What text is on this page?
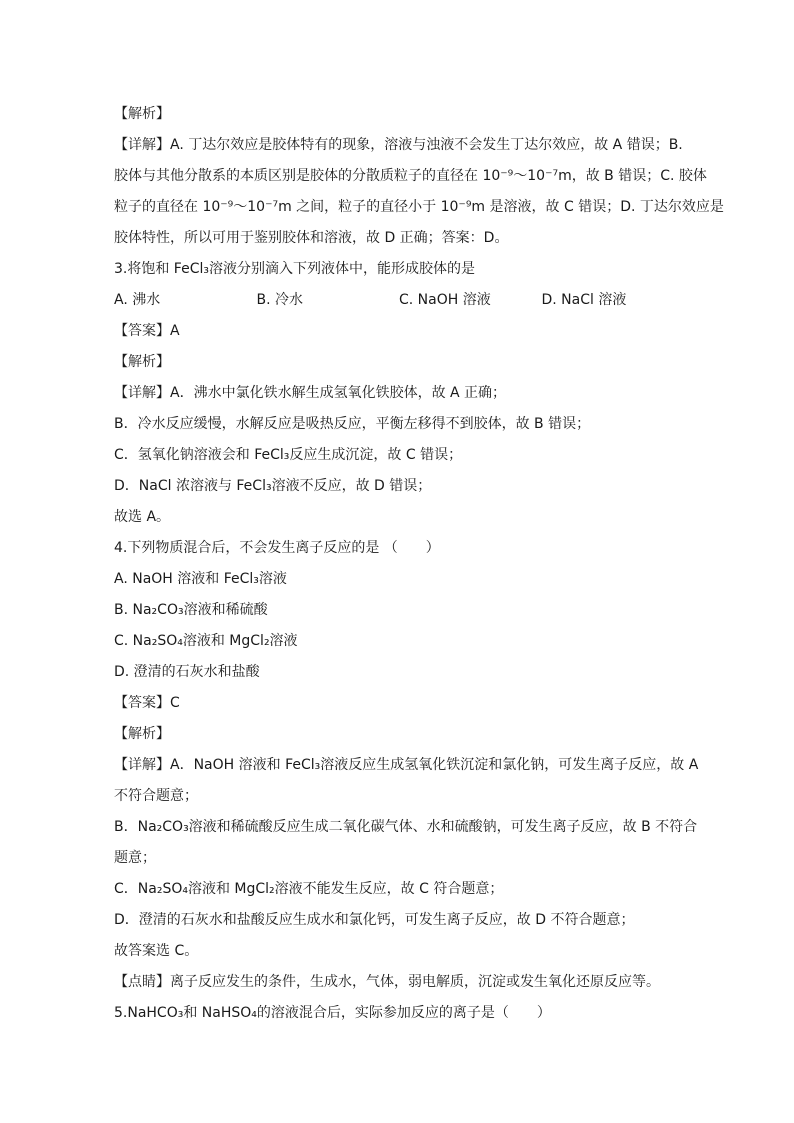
【解析】
【详解】A. 丁达尔效应是胶体特有的现象，溶液与浊液不会发生丁达尔效应，故 A 错误；B.
胶体与其他分散系的本质区别是胶体的分散质粒子的直径在 10⁻⁹～10⁻⁷m，故 B 错误；C. 胶体
粒子的直径在 10⁻⁹～10⁻⁷m 之间，粒子的直径小于 10⁻⁹m 是溶液，故 C 错误；D. 丁达尔效应是
胶体特性，所以可用于鉴别胶体和溶液，故 D 正确；答案：D。
3.将饱和 FeCl₃溶液分别滴入下列液体中，能形成胶体的是
A. 沸水	B. 冷水	C. NaOH 溶液	D. NaCl 溶液
【答案】A
【解析】
【详解】A．沸水中氯化铁水解生成氢氧化铁胶体，故 A 正确；
B．冷水反应缓慢，水解反应是吸热反应，平衡左移得不到胶体，故 B 错误；
C．氢氧化钠溶液会和 FeCl₃反应生成沉淀，故 C 错误；
D．NaCl 浓溶液与 FeCl₃溶液不反应，故 D 错误；
故选 A。
4.下列物质混合后，不会发生离子反应的是 （　　）
A. NaOH 溶液和 FeCl₃溶液
B. Na₂CO₃溶液和稀硫酸
C. Na₂SO₄溶液和 MgCl₂溶液
D. 澄清的石灰水和盐酸
【答案】C
【解析】
【详解】A．NaOH 溶液和 FeCl₃溶液反应生成氢氧化铁沉淀和氯化钠，可发生离子反应，故 A
不符合题意；
B．Na₂CO₃溶液和稀硫酸反应生成二氧化碳气体、水和硫酸钠，可发生离子反应，故 B 不符合
题意；
C．Na₂SO₄溶液和 MgCl₂溶液不能发生反应，故 C 符合题意；
D．澄清的石灰水和盐酸反应生成水和氯化钙，可发生离子反应，故 D 不符合题意；
故答案选 C。
【点睛】离子反应发生的条件，生成水，气体，弱电解质，沉淀或发生氧化还原反应等。
5.NaHCO₃和 NaHSO₄的溶液混合后，实际参加反应的离子是（　　）
